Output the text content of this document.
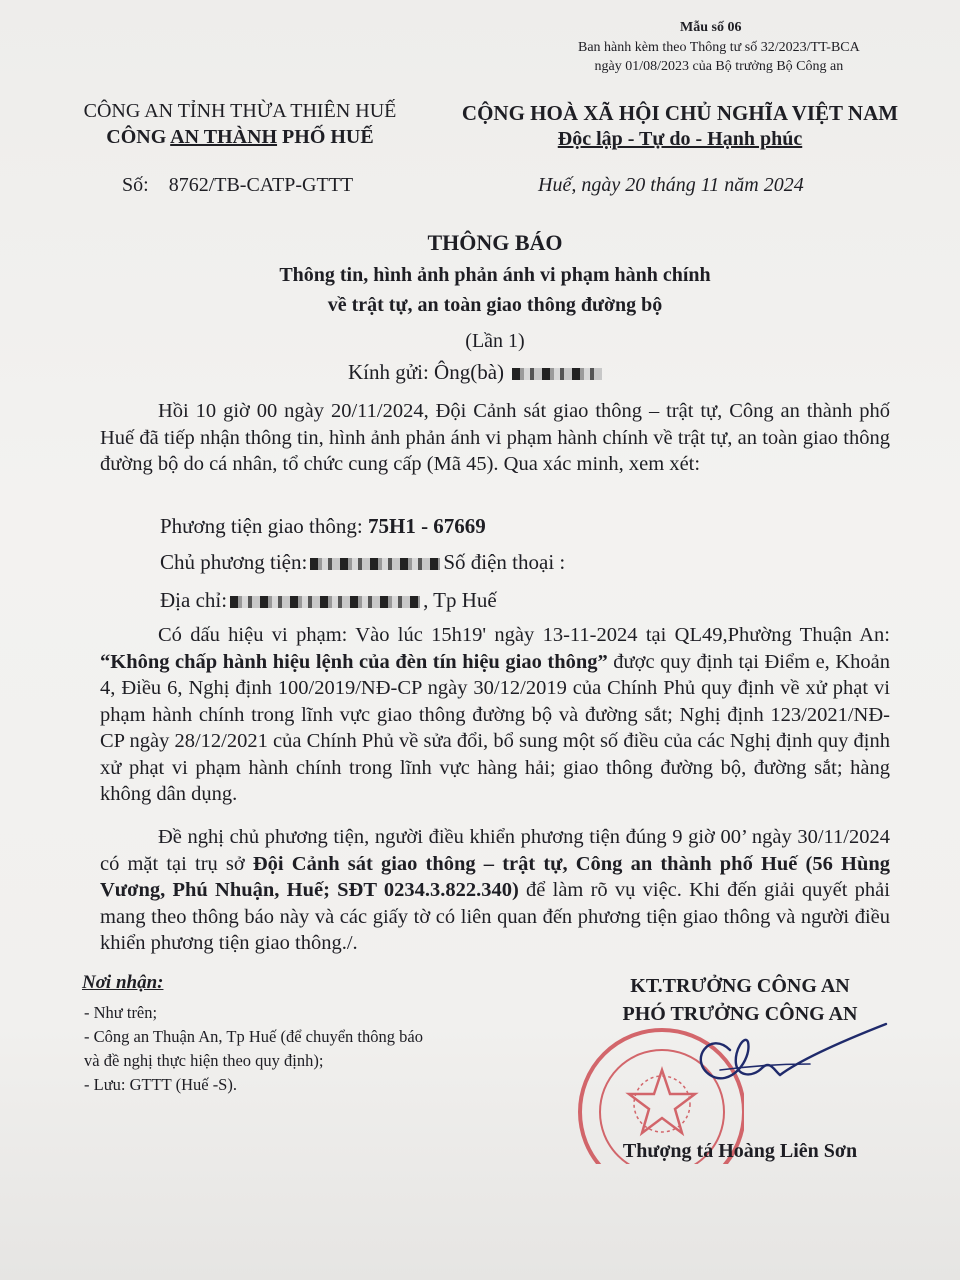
Mẫu số 06
Ban hành kèm theo Thông tư số 32/2023/TT-BCA
ngày 01/08/2023 của Bộ trưởng Bộ Công an
CÔNG AN TỈNH THỪA THIÊN HUẾ
CÔNG AN THÀNH PHỐ HUẾ
CỘNG HOÀ XÃ HỘI CHỦ NGHĨA VIỆT NAM
Độc lập - Tự do - Hạnh phúc
Số: 8762/TB-CATP-GTTT	Huế, ngày 20 tháng 11 năm 2024
THÔNG BÁO
Thông tin, hình ảnh phản ánh vi phạm hành chính
về trật tự, an toàn giao thông đường bộ
(Lần 1)
Kính gửi: Ông(bà)
Hồi 10 giờ 00 ngày 20/11/2024, Đội Cảnh sát giao thông – trật tự, Công an thành phố Huế đã tiếp nhận thông tin, hình ảnh phản ánh vi phạm hành chính về trật tự, an toàn giao thông đường bộ do cá nhân, tổ chức cung cấp (Mã 45). Qua xác minh, xem xét:
Phương tiện giao thông: 75H1 - 67669
Chủ phương tiện:	Số điện thoại :
Địa chỉ:	, Tp Huế
Có dấu hiệu vi phạm: Vào lúc 15h19' ngày 13-11-2024 tại QL49,Phường Thuận An: “Không chấp hành hiệu lệnh của đèn tín hiệu giao thông” được quy định tại Điểm e, Khoản 4, Điều 6, Nghị định 100/2019/NĐ-CP ngày 30/12/2019 của Chính Phủ quy định về xử phạt vi phạm hành chính trong lĩnh vực giao thông đường bộ và đường sắt; Nghị định 123/2021/NĐ-CP ngày 28/12/2021 của Chính Phủ về sửa đổi, bổ sung một số điều của các Nghị định quy định xử phạt vi phạm hành chính trong lĩnh vực hàng hải; giao thông đường bộ, đường sắt; hàng không dân dụng.
Đề nghị chủ phương tiện, người điều khiển phương tiện đúng 9 giờ 00’ ngày 30/11/2024 có mặt tại trụ sở Đội Cảnh sát giao thông – trật tự, Công an thành phố Huế (56 Hùng Vương, Phú Nhuận, Huế; SĐT 0234.3.822.340) để làm rõ vụ việc. Khi đến giải quyết phải mang theo thông báo này và các giấy tờ có liên quan đến phương tiện giao thông và người điều khiển phương tiện giao thông./.
Nơi nhận:
- Như trên;
- Công an Thuận An, Tp Huế (để chuyển thông báo
và đề nghị thực hiện theo quy định);
- Lưu: GTTT (Huế -S).
KT.TRƯỞNG CÔNG AN
PHÓ TRƯỞNG CÔNG AN
Thượng tá Hoàng Liên Sơn
